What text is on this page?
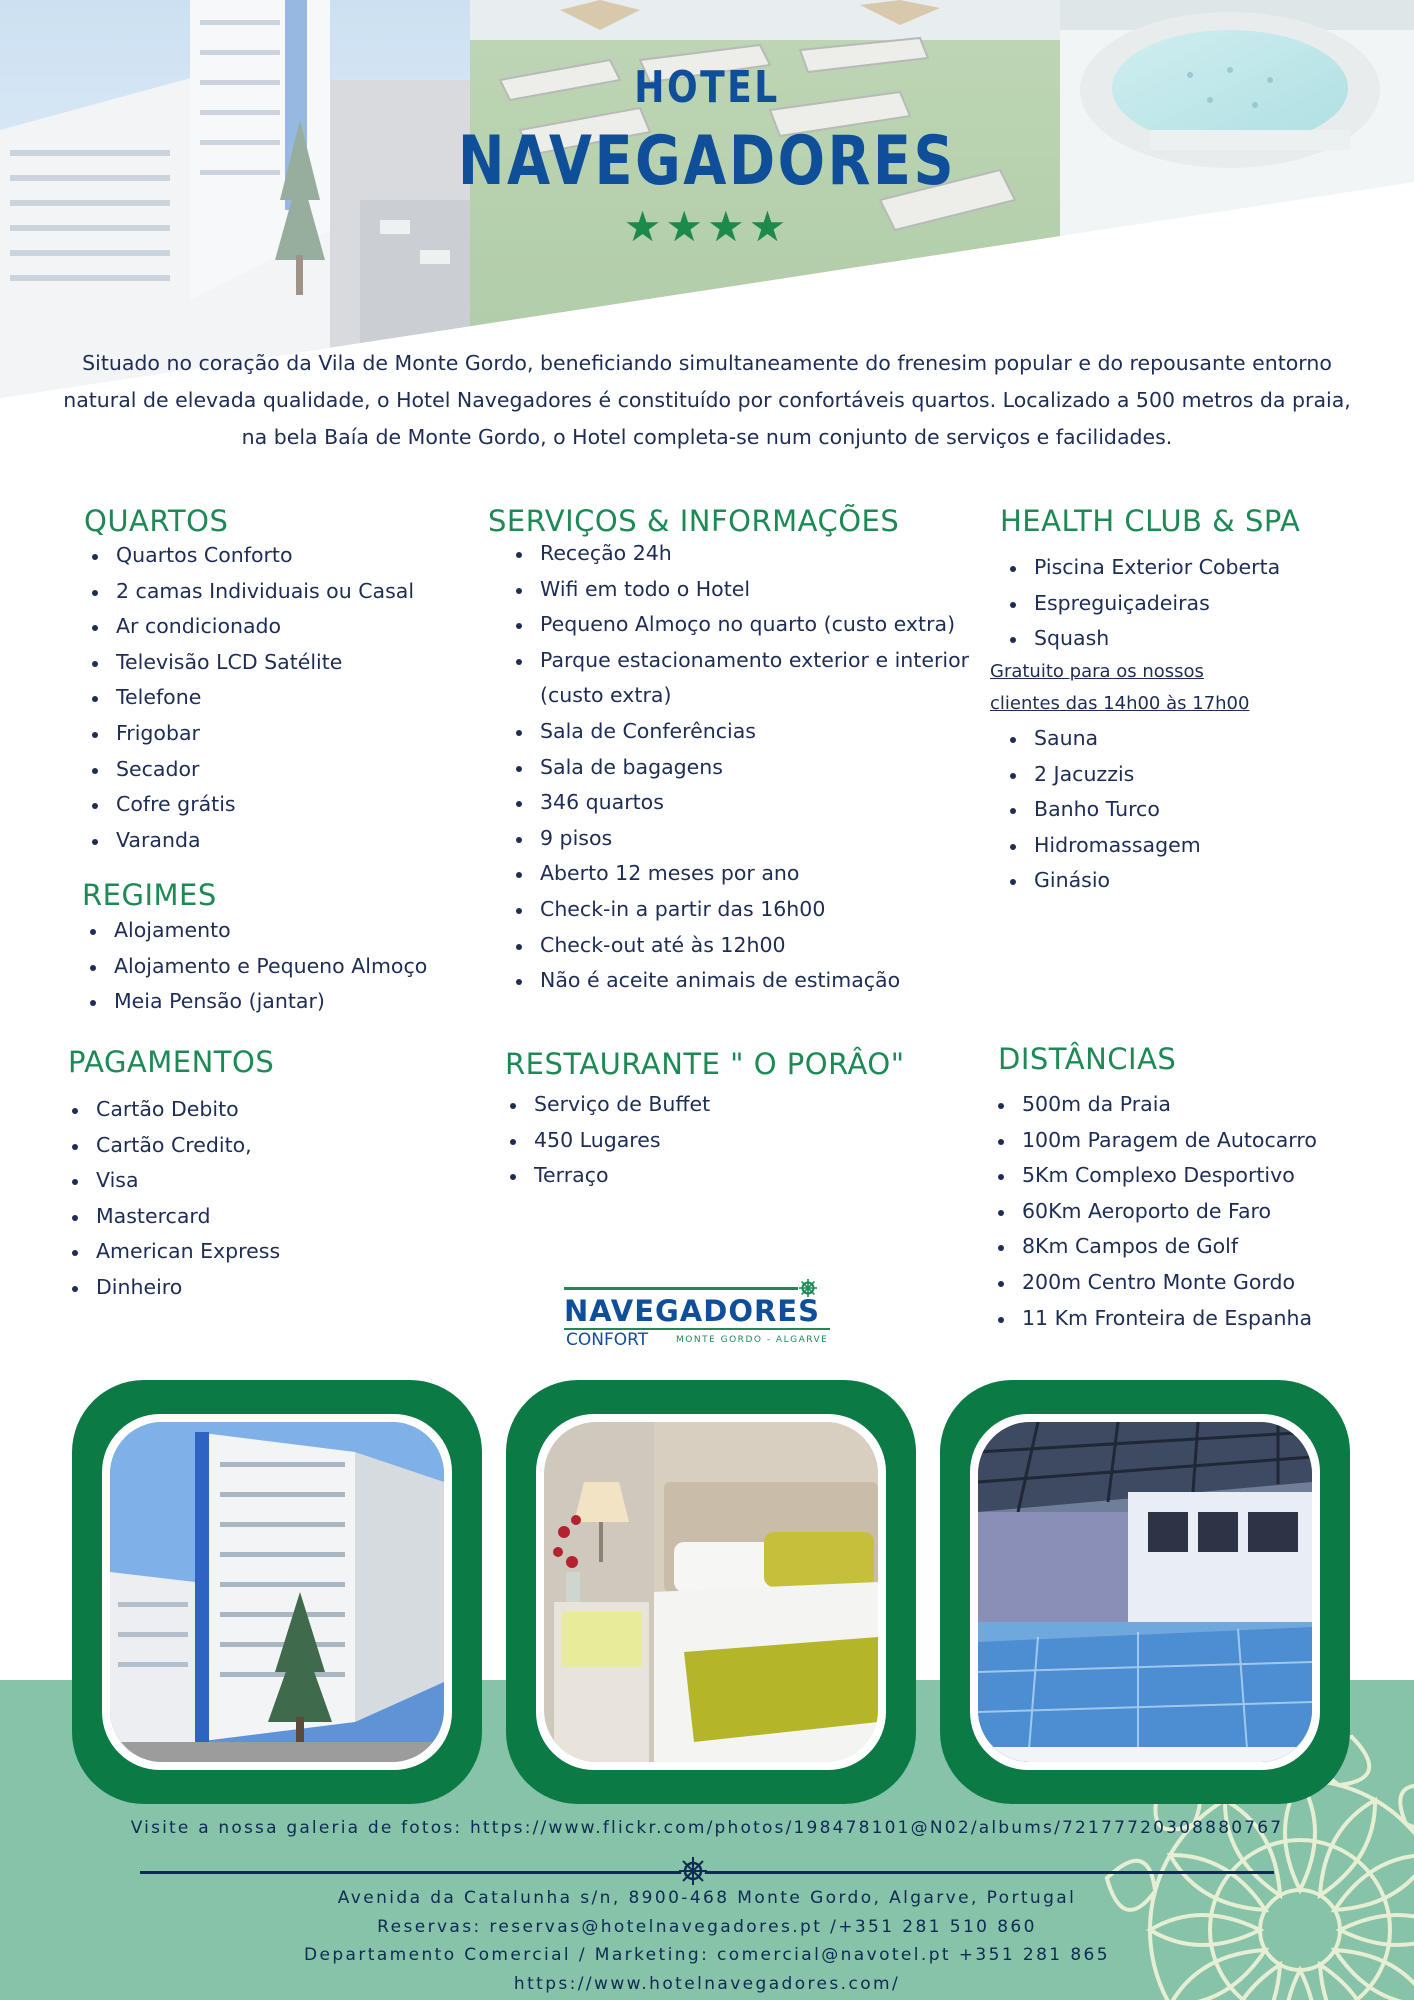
HOTEL
NAVEGADORES
★★★★

Situado no coração da Vila de Monte Gordo, beneficiando simultaneamente do frenesim popular e do repousante entorno natural de elevada qualidade, o Hotel Navegadores é constituído por confortáveis quartos. Localizado a 500 metros da praia, na bela Baía de Monte Gordo, o Hotel completa-se num conjunto de serviços e facilidades.

QUARTOS
Quartos Conforto
2 camas Individuais ou Casal
Ar condicionado
Televisão LCD Satélite
Telefone
Frigobar
Secador
Cofre grátis
Varanda
REGIMES
Alojamento
Alojamento e Pequeno Almoço
Meia Pensão (jantar)
SERVIÇOS & INFORMAÇÕES
Receção 24h
Wifi em todo o Hotel
Pequeno Almoço no quarto (custo extra)
Parque estacionamento exterior e interior
(custo extra)
Sala de Conferências
Sala de bagagens
346 quartos
9 pisos
Aberto 12 meses por ano
Check-in a partir das 16h00
Check-out até às 12h00
Não é aceite animais de estimação
HEALTH CLUB & SPA
Piscina Exterior Coberta
Espreguiçadeiras
Squash
Gratuito para os nossos
clientes das 14h00 às 17h00
Sauna
2 Jacuzzis
Banho Turco
Hidromassagem
Ginásio
PAGAMENTOS
Cartão Debito
Cartão Credito,
Visa
Mastercard
American Express
Dinheiro
RESTAURANTE " O PORÂO"
Serviço de Buffet
450 Lugares
Terraço
DISTÂNCIAS
500m da Praia
100m Paragem de Autocarro
5Km Complexo Desportivo
60Km Aeroporto de Faro
8Km Campos de Golf
200m Centro Monte Gordo
11 Km Fronteira de Espanha
NAVEGADORES
CONFORT	MONTE GORDO - ALGARVE
Visite a nossa galeria de fotos: https://www.flickr.com/photos/198478101@N02/albums/72177720308880767
Avenida da Catalunha s/n, 8900-468 Monte Gordo, Algarve, Portugal
Reservas: reservas@hotelnavegadores.pt /+351 281 510 860
Departamento Comercial / Marketing: comercial@navotel.pt +351 281 865
https://www.hotelnavegadores.com/
